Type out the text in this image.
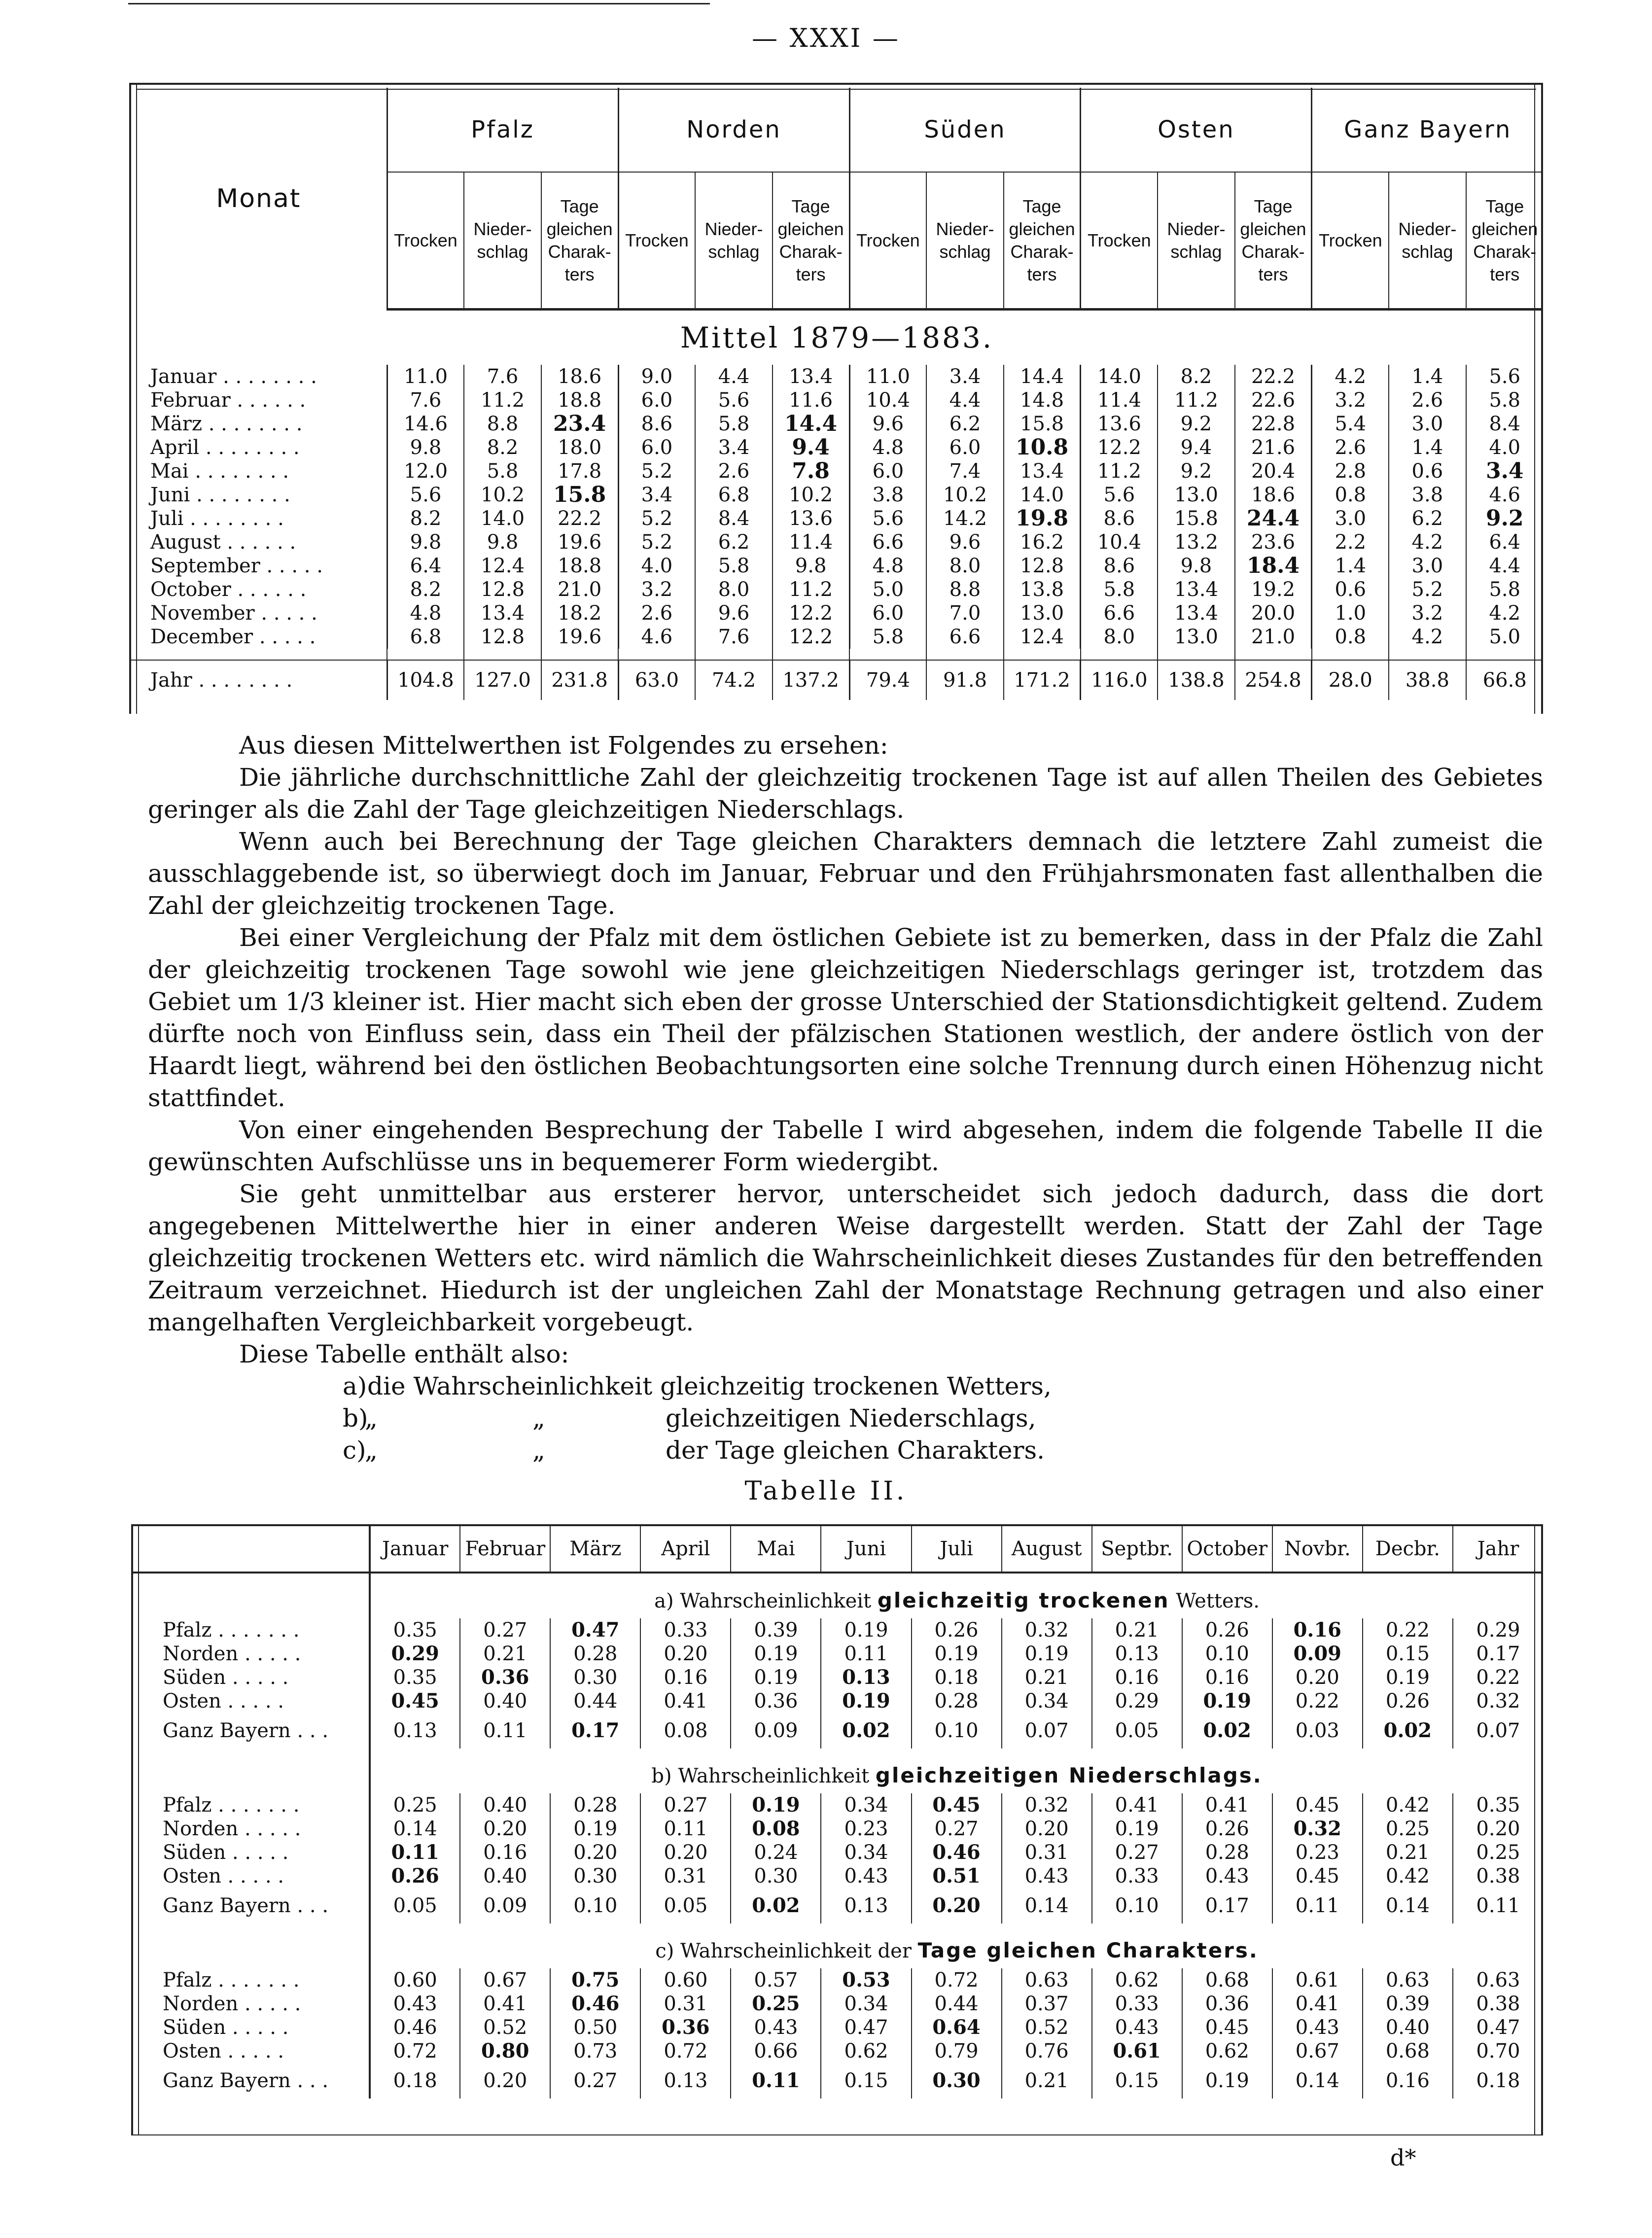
— XXXI —
Monat	Pfalz			Norden			Süden			Osten			Ganz Bayern		
	Trocken	Nieder-
schlag	Tage
gleichen
Charak-
ters	Trocken	Nieder-
schlag	Tage
gleichen
Charak-
ters	Trocken	Nieder-
schlag	Tage
gleichen
Charak-
ters	Trocken	Nieder-
schlag	Tage
gleichen
Charak-
ters	Trocken	Nieder-
schlag	Tage
gleichen
Charak-
ters
Mittel 1879—1883.															
Januar . . . . . . . .	11.0	7.6	18.6	9.0	4.4	13.4	11.0	3.4	14.4	14.0	8.2	22.2	4.2	1.4	5.6
Februar . . . . . .	7.6	11.2	18.8	6.0	5.6	11.6	10.4	4.4	14.8	11.4	11.2	22.6	3.2	2.6	5.8
März . . . . . . . .	14.6	8.8	23.4	8.6	5.8	14.4	9.6	6.2	15.8	13.6	9.2	22.8	5.4	3.0	8.4
April . . . . . . . .	9.8	8.2	18.0	6.0	3.4	9.4	4.8	6.0	10.8	12.2	9.4	21.6	2.6	1.4	4.0
Mai . . . . . . . .	12.0	5.8	17.8	5.2	2.6	7.8	6.0	7.4	13.4	11.2	9.2	20.4	2.8	0.6	3.4
Juni . . . . . . . .	5.6	10.2	15.8	3.4	6.8	10.2	3.8	10.2	14.0	5.6	13.0	18.6	0.8	3.8	4.6
Juli . . . . . . . .	8.2	14.0	22.2	5.2	8.4	13.6	5.6	14.2	19.8	8.6	15.8	24.4	3.0	6.2	9.2
August . . . . . .	9.8	9.8	19.6	5.2	6.2	11.4	6.6	9.6	16.2	10.4	13.2	23.6	2.2	4.2	6.4
September . . . . .	6.4	12.4	18.8	4.0	5.8	9.8	4.8	8.0	12.8	8.6	9.8	18.4	1.4	3.0	4.4
October . . . . . .	8.2	12.8	21.0	3.2	8.0	11.2	5.0	8.8	13.8	5.8	13.4	19.2	0.6	5.2	5.8
November . . . . .	4.8	13.4	18.2	2.6	9.6	12.2	6.0	7.0	13.0	6.6	13.4	20.0	1.0	3.2	4.2
December . . . . .	6.8	12.8	19.6	4.6	7.6	12.2	5.8	6.6	12.4	8.0	13.0	21.0	0.8	4.2	5.0

Jahr . . . . . . . .	104.8	127.0	231.8	63.0	74.2	137.2	79.4	91.8	171.2	116.0	138.8	254.8	28.0	38.8	66.8

Aus diesen Mittelwerthen ist Folgendes zu ersehen:

Die jährliche durchschnittliche Zahl der gleichzeitig trockenen Tage ist auf allen Theilen des Gebietes geringer als die Zahl der Tage gleichzeitigen Niederschlags.

Wenn auch bei Berechnung der Tage gleichen Charakters demnach die letztere Zahl zumeist die ausschlaggebende ist, so überwiegt doch im Januar, Februar und den Frühjahrsmonaten fast allenthalben die Zahl der gleichzeitig trockenen Tage.

Bei einer Vergleichung der Pfalz mit dem östlichen Gebiete ist zu bemerken, dass in der Pfalz die Zahl der gleichzeitig trockenen Tage sowohl wie jene gleichzeitigen Niederschlags geringer ist, trotzdem das Gebiet um 1/3 kleiner ist. Hier macht sich eben der grosse Unterschied der Stationsdichtigkeit geltend. Zudem dürfte noch von Einfluss sein, dass ein Theil der pfälzischen Stationen westlich, der andere östlich von der Haardt liegt, während bei den östlichen Beobachtungsorten eine solche Trennung durch einen Höhenzug nicht stattfindet.

Von einer eingehenden Besprechung der Tabelle I wird abgesehen, indem die folgende Tabelle II die gewünschten Aufschlüsse uns in bequemerer Form wiedergibt.

Sie geht unmittelbar aus ersterer hervor, unterscheidet sich jedoch dadurch, dass die dort angegebenen Mittelwerthe hier in einer anderen Weise dargestellt werden. Statt der Zahl der Tage gleichzeitig trockenen Wetters etc. wird nämlich die Wahrscheinlichkeit dieses Zustandes für den betreffenden Zeitraum verzeichnet. Hiedurch ist der ungleichen Zahl der Monatstage Rechnung getragen und also einer mangelhaften Vergleichbarkeit vorgebeugt.

Diese Tabelle enthält also:

a) die Wahrscheinlichkeit gleichzeitig trockenen Wetters,
b)
„	„	gleichzeitigen Niederschlags,
c)
„	„	der Tage gleichen Charakters.
Tabelle II.
	Januar	Februar	März	April	Mai	Juni	Juli	August	Septbr.	October	Novbr.	Decbr.	Jahr
	a) Wahrscheinlichkeit gleichzeitig trockenen Wetters.												
Pfalz . . . . . . .	0.35	0.27	0.47	0.33	0.39	0.19	0.26	0.32	0.21	0.26	0.16	0.22	0.29
Norden . . . . .	0.29	0.21	0.28	0.20	0.19	0.11	0.19	0.19	0.13	0.10	0.09	0.15	0.17
Süden . . . . .	0.35	0.36	0.30	0.16	0.19	0.13	0.18	0.21	0.16	0.16	0.20	0.19	0.22
Osten . . . . .	0.45	0.40	0.44	0.41	0.36	0.19	0.28	0.34	0.29	0.19	0.22	0.26	0.32
Ganz Bayern . . .	0.13	0.11	0.17	0.08	0.09	0.02	0.10	0.07	0.05	0.02	0.03	0.02	0.07
	b) Wahrscheinlichkeit gleichzeitigen Niederschlags.												
Pfalz . . . . . . .	0.25	0.40	0.28	0.27	0.19	0.34	0.45	0.32	0.41	0.41	0.45	0.42	0.35
Norden . . . . .	0.14	0.20	0.19	0.11	0.08	0.23	0.27	0.20	0.19	0.26	0.32	0.25	0.20
Süden . . . . .	0.11	0.16	0.20	0.20	0.24	0.34	0.46	0.31	0.27	0.28	0.23	0.21	0.25
Osten . . . . .	0.26	0.40	0.30	0.31	0.30	0.43	0.51	0.43	0.33	0.43	0.45	0.42	0.38
Ganz Bayern . . .	0.05	0.09	0.10	0.05	0.02	0.13	0.20	0.14	0.10	0.17	0.11	0.14	0.11
	c) Wahrscheinlichkeit der Tage gleichen Charakters.												
Pfalz . . . . . . .	0.60	0.67	0.75	0.60	0.57	0.53	0.72	0.63	0.62	0.68	0.61	0.63	0.63
Norden . . . . .	0.43	0.41	0.46	0.31	0.25	0.34	0.44	0.37	0.33	0.36	0.41	0.39	0.38
Süden . . . . .	0.46	0.52	0.50	0.36	0.43	0.47	0.64	0.52	0.43	0.45	0.43	0.40	0.47
Osten . . . . .	0.72	0.80	0.73	0.72	0.66	0.62	0.79	0.76	0.61	0.62	0.67	0.68	0.70
Ganz Bayern . . .	0.18	0.20	0.27	0.13	0.11	0.15	0.30	0.21	0.15	0.19	0.14	0.16	0.18
d*
